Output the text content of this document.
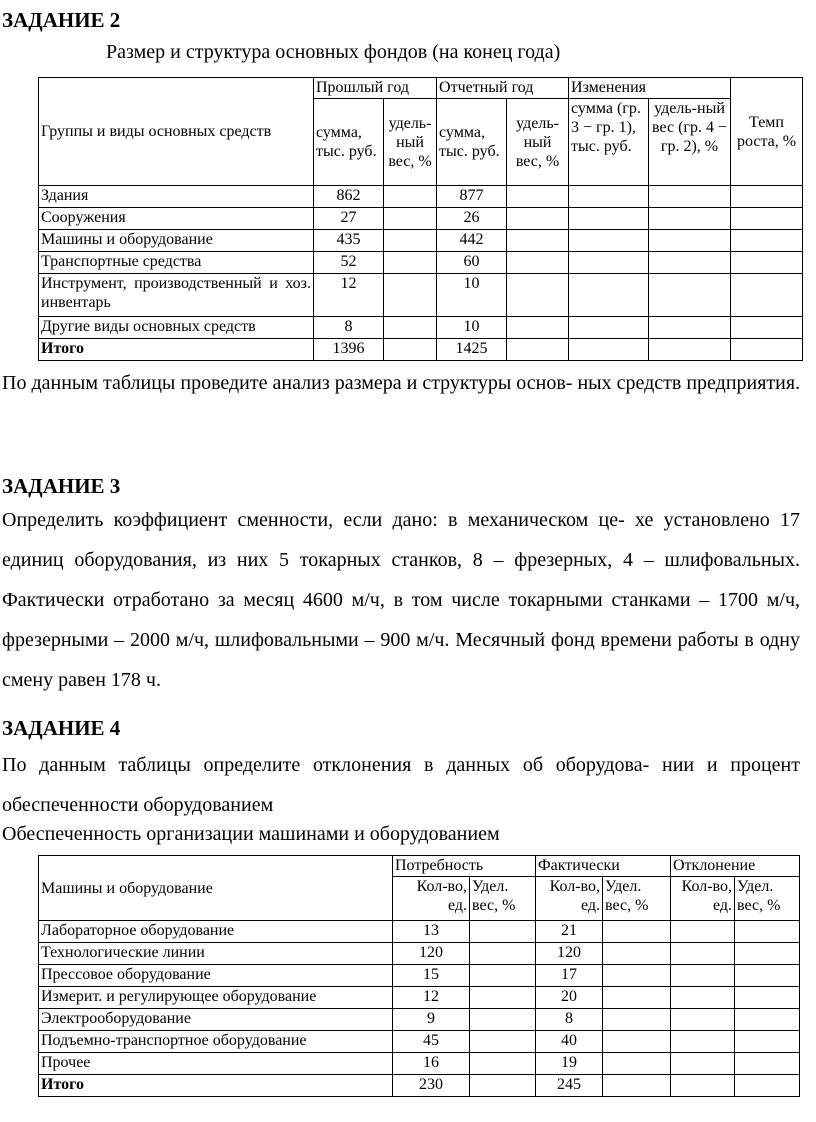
ЗАДАНИЕ 2
Размер и структура основных фондов (на конец года)
Группы и виды основных средств	Прошлый год		Отчетный год		Изменения		Темп роста, %
	сумма, тыс. руб.	удель-ный вес, %	сумма, тыс. руб.	удель-ный вес, %	сумма (гр. 3 − гр. 1), тыс. руб.	удель-ный вес (гр. 4 − гр. 2), %	
Здания	862		877				
Сооружения	27		26				
Машины и оборудование	435		442				
Транспортные средства	52		60				
Инструмент, производственный и хоз. инвентарь	12		10				
Другие виды основных средств	8		10				
Итого	1396		1425				
По данным таблицы проведите анализ размера и структуры основ- ных средств предприятия.
ЗАДАНИЕ 3
Определить коэффициент сменности, если дано: в механическом це- хе установлено 17 единиц оборудования, из них 5 токарных станков, 8 – фрезерных, 4 – шлифовальных. Фактически отработано за месяц 4600 м/ч, в том числе токарными станками – 1700 м/ч, фрезерными – 2000 м/ч, шлифовальными – 900 м/ч. Месячный фонд времени работы в одну смену равен 178 ч.
ЗАДАНИЕ 4
По данным таблицы определите отклонения в данных об оборудова- нии и процент обеспеченности оборудованием
Обеспеченность организации машинами и оборудованием
Машины и оборудование	Потребность		Фактически		Отклонение	
	Кол-во, ед.	Удел. вес, %	Кол-во, ед.	Удел. вес, %	Кол-во, ед.	Удел. вес, %
Лабораторное оборудование	13		21			
Технологические линии	120		120			
Прессовое оборудование	15		17			
Измерит. и регулирующее оборудование	12		20			
Электрооборудование	9		8			
Подъемно-транспортное оборудование	45		40			
Прочее	16		19			
Итого	230		245			
